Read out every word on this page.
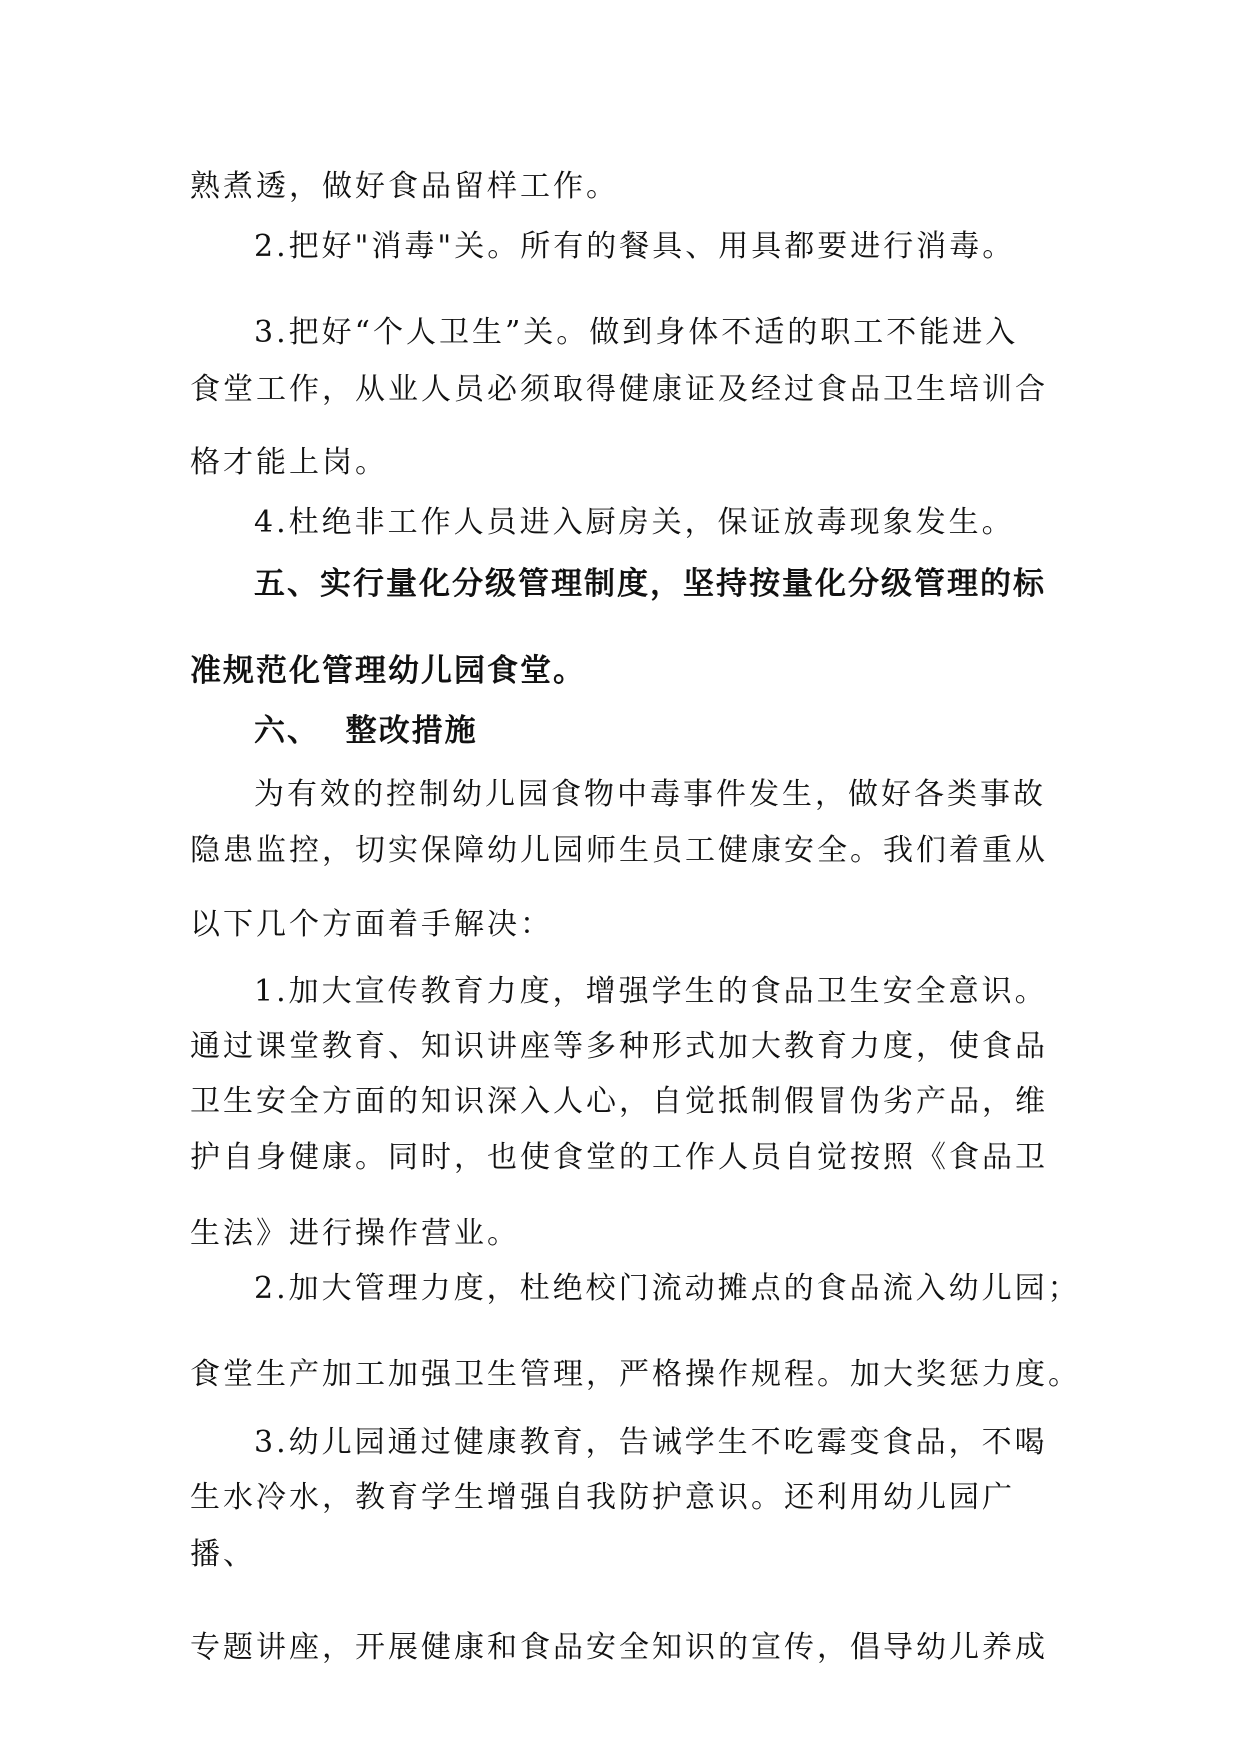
熟煮透，做好食品留样工作。

2.把好"消毒"关。所有的餐具、用具都要进行消毒。

3.把好“个人卫生”关。做到身体不适的职工不能进入

食堂工作，从业人员必须取得健康证及经过食品卫生培训合

格才能上岗。

4.杜绝非工作人员进入厨房关，保证放毒现象发生。

五、实行量化分级管理制度，坚持按量化分级管理的标

准规范化管理幼儿园食堂。

六、  整改措施

为有效的控制幼儿园食物中毒事件发生，做好各类事故

隐患监控，切实保障幼儿园师生员工健康安全。我们着重从

以下几个方面着手解决：

1.加大宣传教育力度，增强学生的食品卫生安全意识。

通过课堂教育、知识讲座等多种形式加大教育力度，使食品

卫生安全方面的知识深入人心，自觉抵制假冒伪劣产品，维

护自身健康。同时，也使食堂的工作人员自觉按照《食品卫

生法》进行操作营业。

2.加大管理力度，杜绝校门流动摊点的食品流入幼儿园；

食堂生产加工加强卫生管理，严格操作规程。加大奖惩力度。

3.幼儿园通过健康教育，告诫学生不吃霉变食品，不喝

生水冷水，教育学生增强自我防护意识。还利用幼儿园广

播、

专题讲座，开展健康和食品安全知识的宣传，倡导幼儿养成
